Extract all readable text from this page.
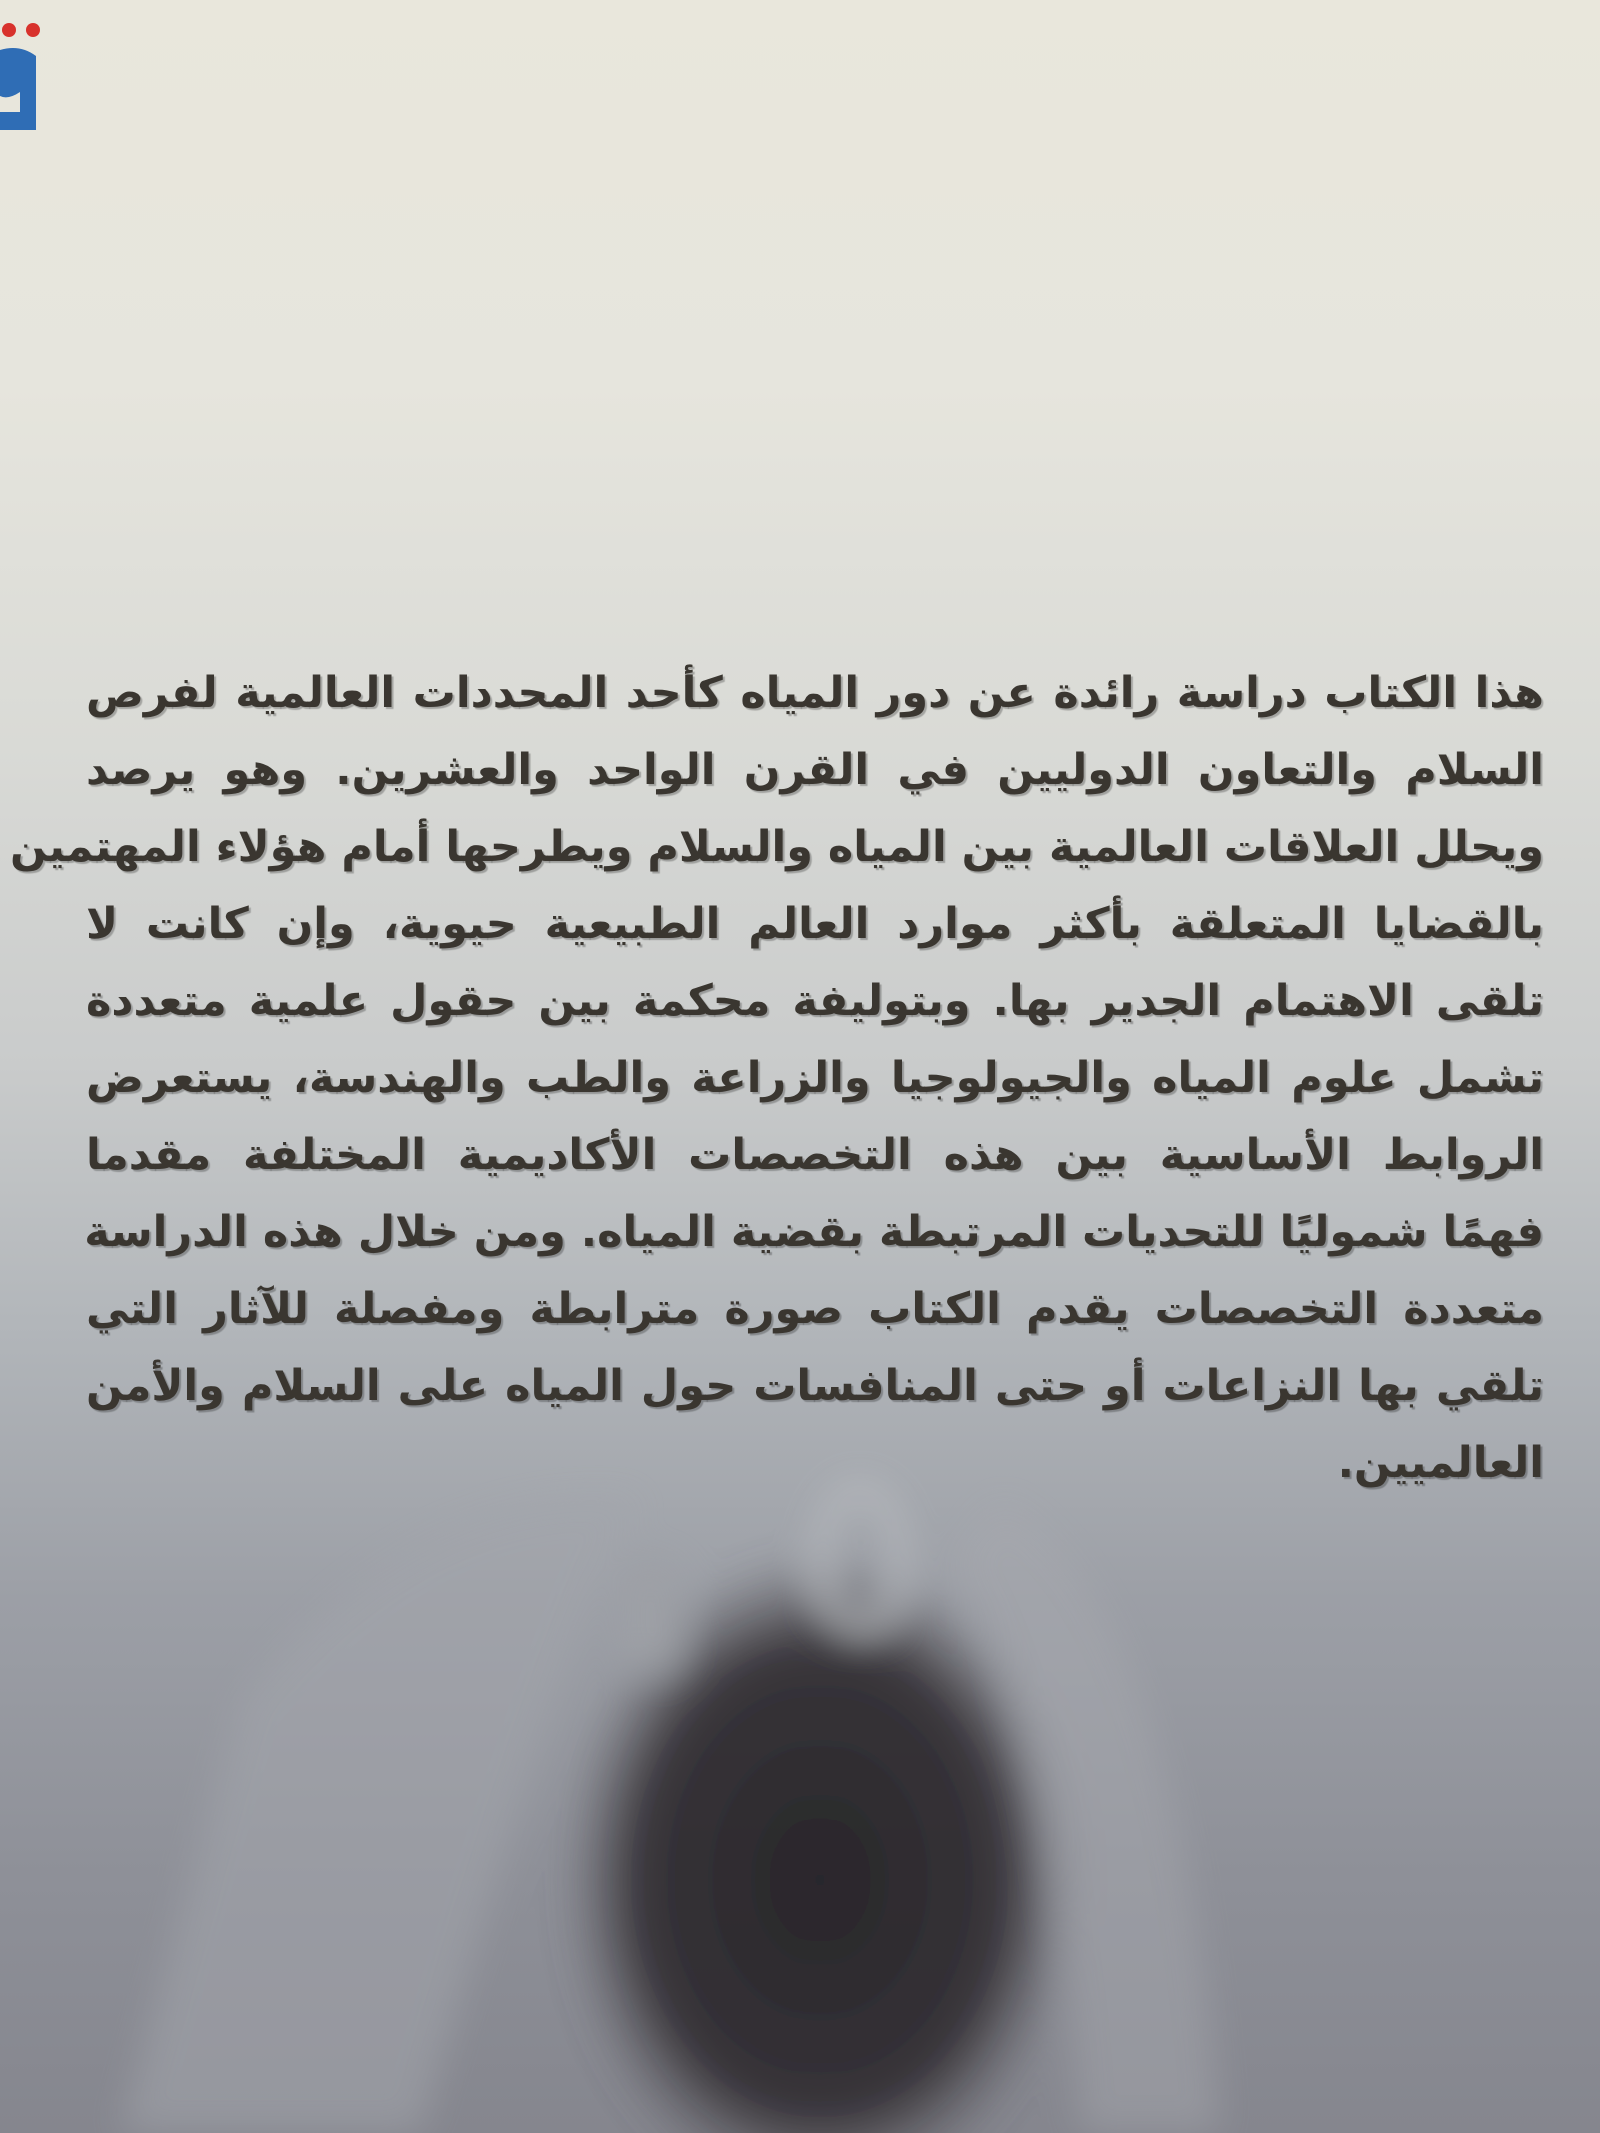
هذا الكتاب دراسة رائدة عن دور المياه كأحد المحددات العالمية لفرص
السلام والتعاون الدوليين في القرن الواحد والعشرين. وهو يرصد
ويحلل العلاقات العالمية بين المياه والسلام ويطرحها أمام هؤلاء المهتمين
بالقضايا المتعلقة بأكثر موارد العالم الطبيعية حيوية، وإن كانت لا
تلقى الاهتمام الجدير بها. وبتوليفة محكمة بين حقول علمية متعددة
تشمل علوم المياه والجيولوجيا والزراعة والطب والهندسة، يستعرض
الروابط الأساسية بين هذه التخصصات الأكاديمية المختلفة مقدما
فهمًا شموليًا للتحديات المرتبطة بقضية المياه. ومن خلال هذه الدراسة
متعددة التخصصات يقدم الكتاب صورة مترابطة ومفصلة للآثار التي
تلقي بها النزاعات أو حتى المنافسات حول المياه على السلام والأمن
العالميين.
